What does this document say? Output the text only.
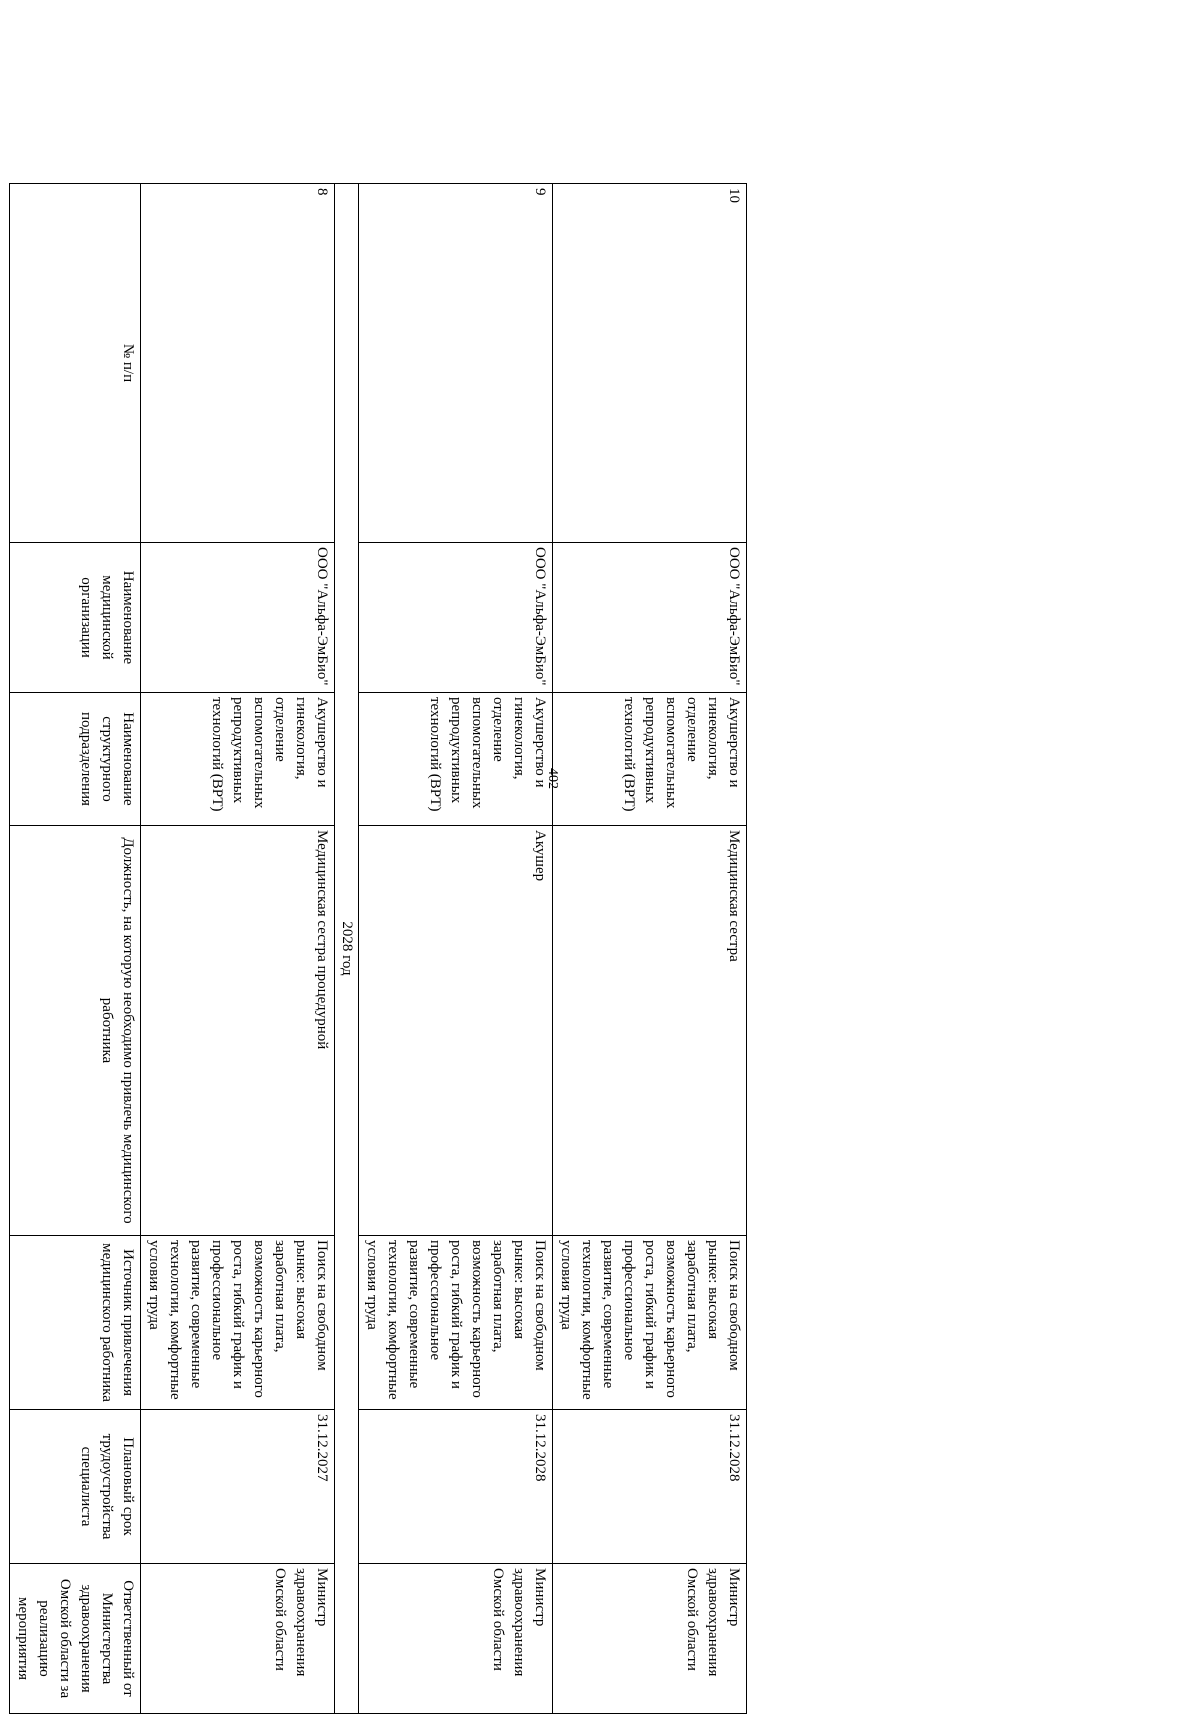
402
10	ООО "Альфа-ЭмБио"	Акушерство и гинекология, отделение вспомогательных репродуктивных технологий (ВРТ)	Медицинская сестра	Поиск на свободном рынке: высокая заработная плата, возможность карьерного роста, гибкий график и профессиональное развитие, современные технологии, комфортные условия труда	31.12.2028	Министр здравоохранения Омской области
9	ООО "Альфа-ЭмБио"	Акушерство и гинекология, отделение вспомогательных репродуктивных технологий (ВРТ)	Акушер	Поиск на свободном рынке: высокая заработная плата, возможность карьерного роста, гибкий график и профессиональное развитие, современные технологии, комфортные условия труда	31.12.2028	Министр здравоохранения Омской области
2028 год						
8	ООО "Альфа-ЭмБио"	Акушерство и гинекология, отделение вспомогательных репродуктивных технологий (ВРТ)	Медицинская сестра процедурной	Поиск на свободном рынке: высокая заработная плата, возможность карьерного роста, гибкий график и профессиональное развитие, современные технологии, комфортные условия труда	31.12.2027	Министр здравоохранения Омской области
№ п/п	Наименование медицинской организации	Наименование структурного подразделения	Должность, на которую необходимо привлечь медицинского работника	Источник привлечения медицинского работника	Плановый срок трудоустройства специалиста	Ответственный от Министерства здравоохранения Омской области за реализацию мероприятия
